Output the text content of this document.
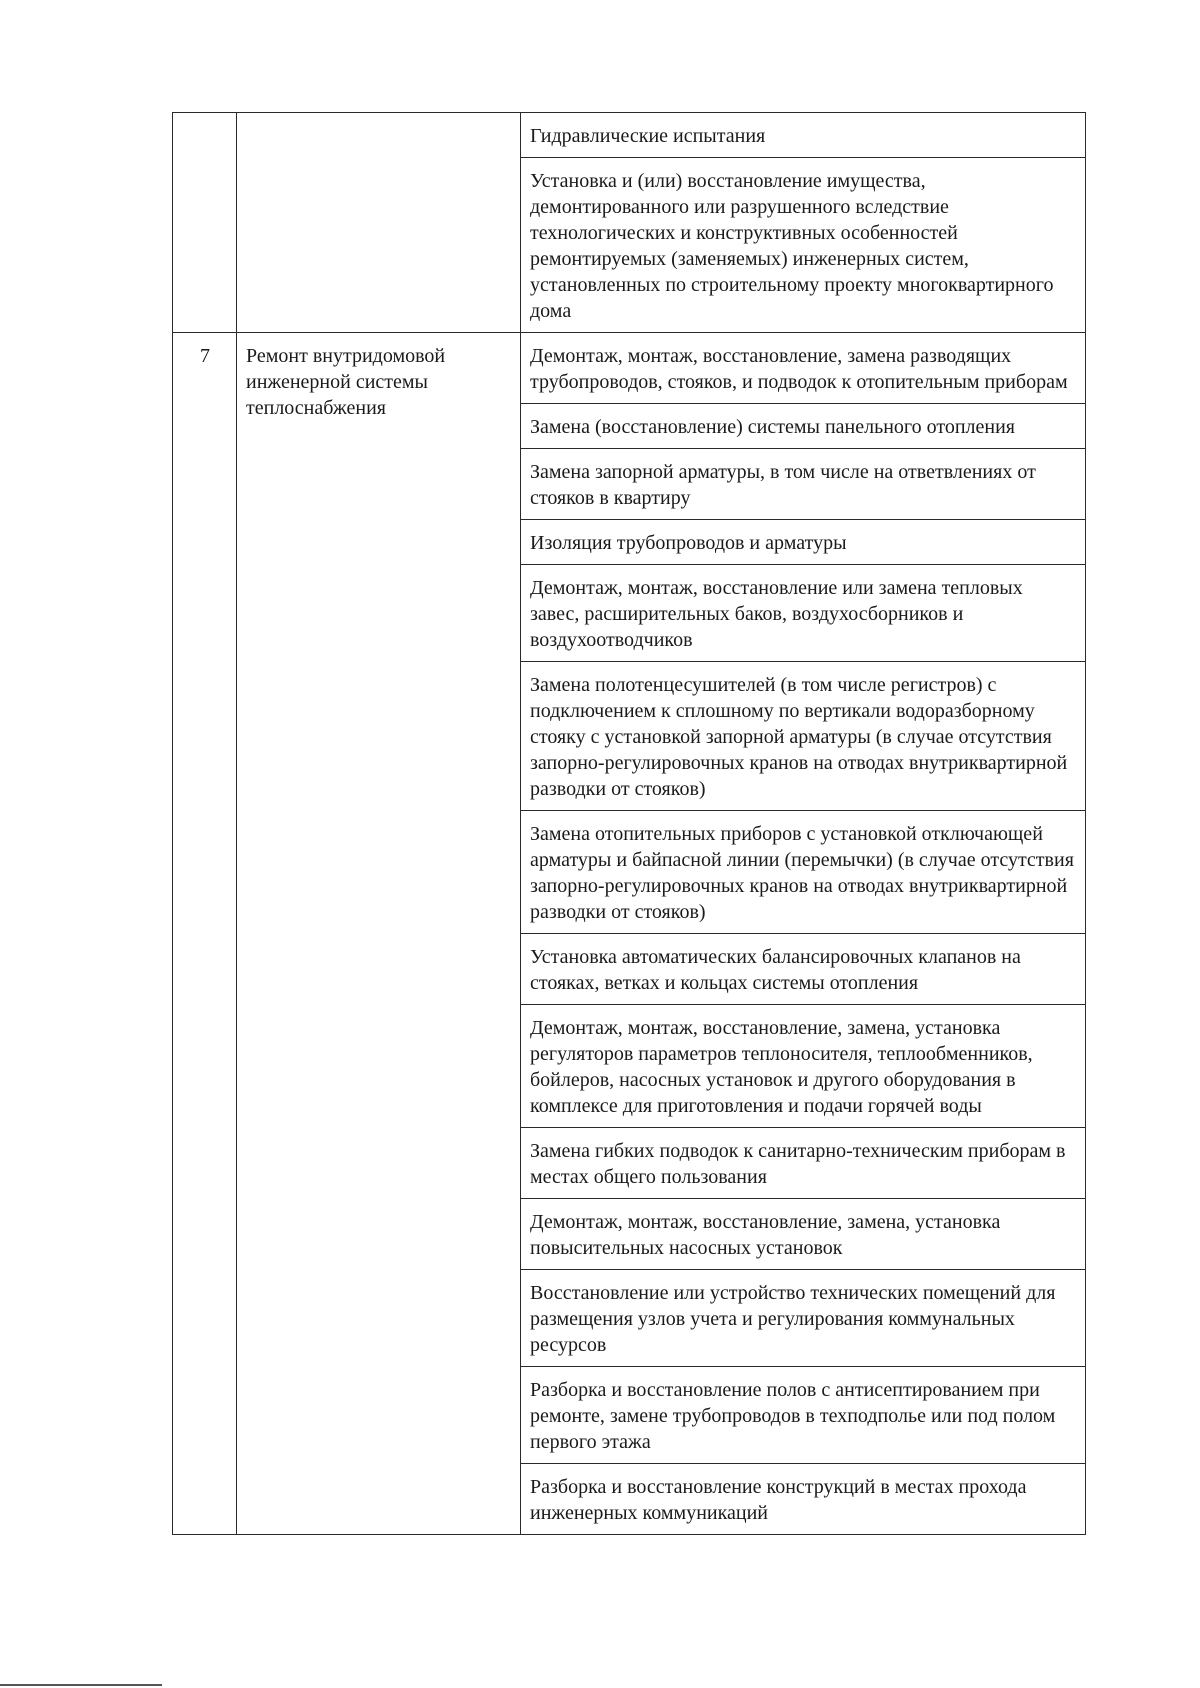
		Гидравлические испытания
		Установка и (или) восстановление имущества, демонтированного или разрушенного вследствие технологических и конструктивных особенностей ремонтируемых (заменяемых) инженерных систем, установленных по строительному проекту многоквартирного дома
7	Ремонт внутридомовой инженерной системы теплоснабжения	Демонтаж, монтаж, восстановление, замена разводящих трубопроводов, стояков, и подводок к отопительным приборам
		Замена (восстановление) системы панельного отопления
		Замена запорной арматуры, в том числе на ответвлениях от стояков в квартиру
		Изоляция трубопроводов и арматуры
		Демонтаж, монтаж, восстановление или замена тепловых завес, расширительных баков, воздухосборников и воздухоотводчиков
		Замена полотенцесушителей (в том числе регистров) с подключением к сплошному по вертикали водоразборному стояку с установкой запорной арматуры (в случае отсутствия запорно-регулировочных кранов на отводах внутриквартирной разводки от стояков)
		Замена отопительных приборов с установкой отключающей арматуры и байпасной линии (перемычки) (в случае отсутствия запорно-регулировочных кранов на отводах внутриквартирной разводки от стояков)
		Установка автоматических балансировочных клапанов на стояках, ветках и кольцах системы отопления
		Демонтаж, монтаж, восстановление, замена, установка регуляторов параметров теплоносителя, теплообменников, бойлеров, насосных установок и другого оборудования в комплексе для приготовления и подачи горячей воды
		Замена гибких подводок к санитарно-техническим приборам в местах общего пользования
		Демонтаж, монтаж, восстановление, замена, установка повысительных насосных установок
		Восстановление или устройство технических помещений для размещения узлов учета и регулирования коммунальных ресурсов
		Разборка и восстановление полов с антисептированием при ремонте, замене трубопроводов в техподполье или под полом первого этажа
		Разборка и восстановление конструкций в местах прохода инженерных коммуникаций
